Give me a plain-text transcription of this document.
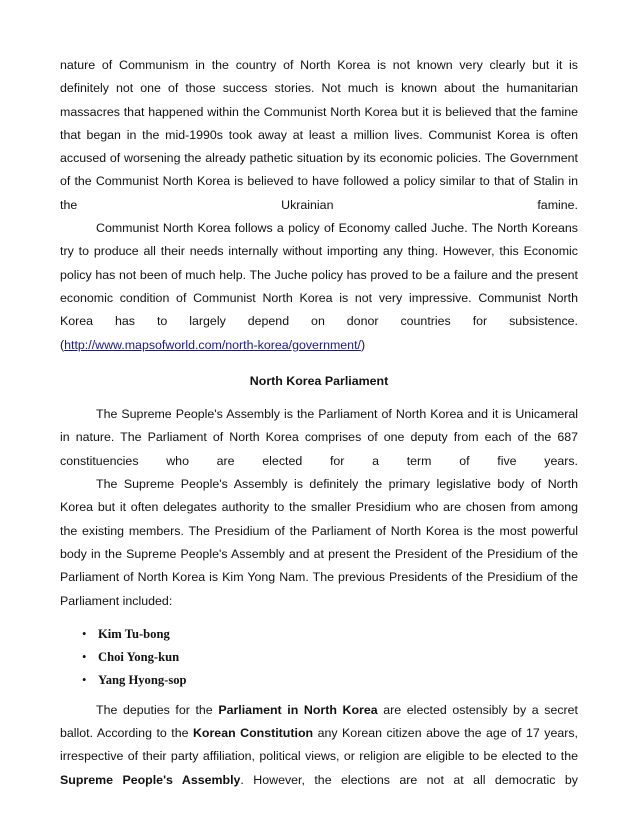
nature of Communism in the country of North Korea is not known very clearly but it is
definitely not one of those success stories. Not much is known about the humanitarian
massacres that happened within the Communist North Korea but it is believed that the famine
that began in the mid-1990s took away at least a million lives. Communist Korea is often
accused of worsening the already pathetic situation by its economic policies. The Government
of the Communist North Korea is believed to have followed a policy similar to that of Stalin in
the Ukrainian famine.
Communist North Korea follows a policy of Economy called Juche. The North Koreans
try to produce all their needs internally without importing any thing. However, this Economic
policy has not been of much help. The Juche policy has proved to be a failure and the present
economic condition of Communist North Korea is not very impressive. Communist North
Korea has to largely depend on donor countries for subsistence.
(http://www.mapsofworld.com/north-korea/government/)
North Korea Parliament
The Supreme People's Assembly is the Parliament of North Korea and it is Unicameral
in nature. The Parliament of North Korea comprises of one deputy from each of the 687
constituencies who are elected for a term of five years.

The Supreme People's Assembly is definitely the primary legislative body of North Korea but it often delegates authority to the smaller Presidium who are chosen from among the existing members. The Presidium of the Parliament of North Korea is the most powerful body in the Supreme People's Assembly and at present the President of the Presidium of the Parliament of North Korea is Kim Yong Nam. The previous Presidents of the Presidium of the Parliament included:

• Kim Tu-bong
• Choi Yong-kun
• Yang Hyong-sop

The deputies for the Parliament in North Korea are elected ostensibly by a secret ballot. According to the Korean Constitution any Korean citizen above the age of 17 years, irrespective of their party affiliation, political views, or religion are eligible to be elected to the Supreme People's Assembly. However, the elections are not at all democratic by
